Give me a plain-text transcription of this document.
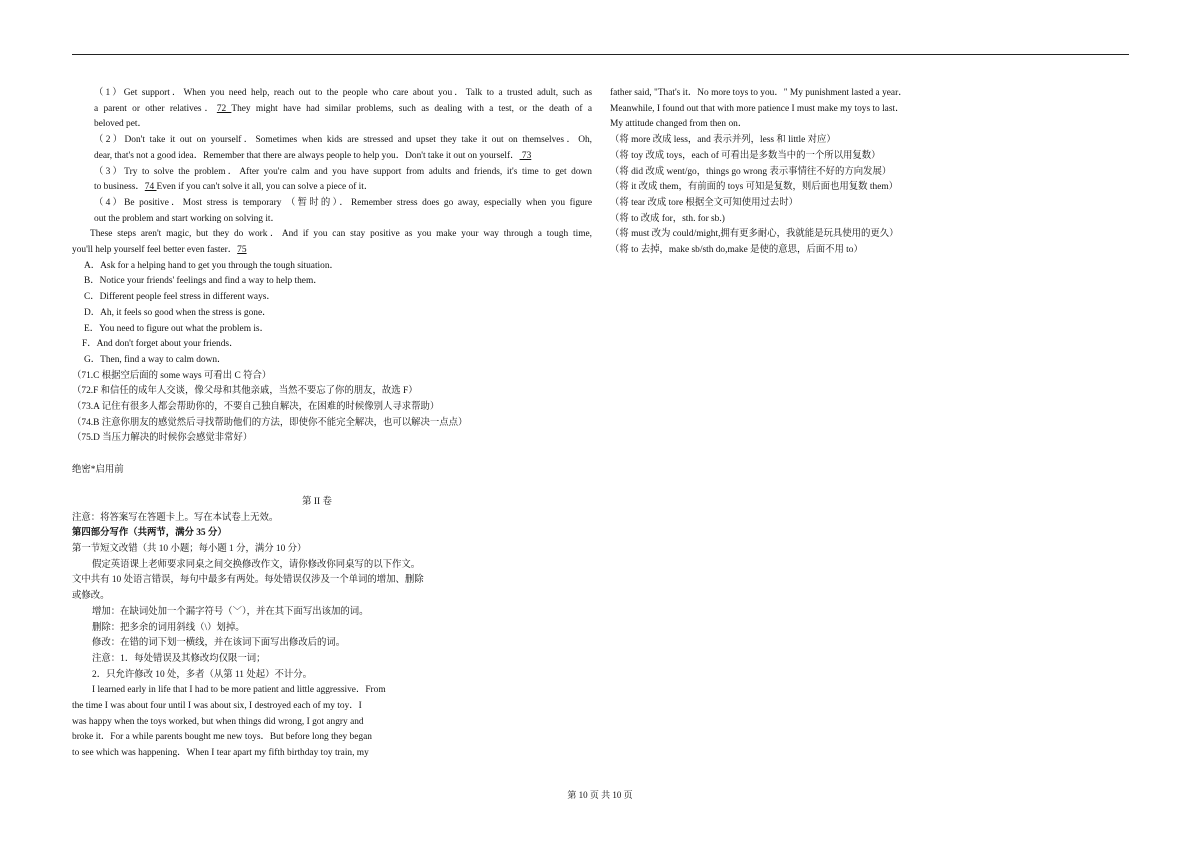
（1）Get support．When you need help, reach out to the people who care about you．Talk to a trusted adult, such as
a parent or other relatives．72 They might have had similar problems, such as dealing with a test, or the death of a
beloved pet．
（2）Don't take it out on yourself．Sometimes when kids are stressed and upset they take it out on themselves．Oh,
dear, that's not a good idea．Remember that there are always people to help you．Don't take it out on yourself． 73
（3）Try to solve the problem．After you're calm and you have support from adults and friends, it's time to get down
to business．74 Even if you can't solve it all, you can solve a piece of it．
（4）Be positive．Most stress is temporary （暂时的）．Remember stress does go away, especially when you figure
out the problem and start working on solving it．
These steps aren't magic, but they do work．And if you can stay positive as you make your way through a tough time,
you'll help yourself feel better even faster．75
A．Ask for a helping hand to get you through the tough situation．
B．Notice your friends' feelings and find a way to help them．
C．Different people feel stress in different ways．
D．Ah, it feels so good when the stress is gone．
E．You need to figure out what the problem is．
F．And don't forget about your friends．
G．Then, find a way to calm down．
（71.C 根据空后面的 some ways 可看出 C 符合）
（72.F 和信任的成年人交谈，像父母和其他亲戚，当然不要忘了你的朋友，故选 F）
（73.A 记住有很多人都会帮助你的，不要自己独自解决，在困难的时候像别人寻求帮助）
（74.B 注意你朋友的感觉然后寻找帮助他们的方法，即使你不能完全解决，也可以解决一点点）
（75.D 当压力解决的时候你会感觉非常好）
绝密*启用前
第 II 卷
注意：将答案写在答题卡上。写在本试卷上无效。
第四部分写作（共两节，满分 35 分）
第一节短文改错（共 10 小题；每小题 1 分，满分 10 分）
假定英语课上老师要求同桌之间交换修改作文，请你修改你同桌写的以下作文。
文中共有 10 处语言错误，每句中最多有两处。每处错误仅涉及一个单词的增加、删除
或修改。
增加：在缺词处加一个漏字符号（﹀），并在其下面写出该加的词。
删除：把多余的词用斜线（\）划掉。
修改：在错的词下划一横线，并在该词下面写出修改后的词。
注意：1．每处错误及其修改均仅限一词；
2．只允许修改 10 处，多者（从第 11 处起）不计分。
I learned early in life that I had to be more patient and little aggressive．From
the time I was about four until I was about six, I destroyed each of my toy．I
was happy when the toys worked, but when things did wrong, I got angry and
broke it．For a while parents bought me new toys．But before long they began
to see which was happening．When I tear apart my fifth birthday toy train, my
father said, "That's it．No more toys to you．" My punishment lasted a year．
Meanwhile, I found out that with more patience I must make my toys to last．
My attitude changed from then on．
（将 more 改成 less，and 表示并列，less 和 little 对应）
（将 toy 改成 toys，each of 可看出是多数当中的一个所以用复数）
（将 did 改成 went/go，things go wrong 表示事情往不好的方向发展）
（将 it 改成 them，有前面的 toys 可知是复数，则后面也用复数 them）
（将 tear 改成 tore 根据全文可知使用过去时）
（将 to 改成 for，sth. for sb.)
（将 must 改为 could/might,拥有更多耐心，我就能是玩具使用的更久）
（将 to 去掉，make sb/sth do,make 是使的意思，后面不用 to）
第 10 页 共 10 页
